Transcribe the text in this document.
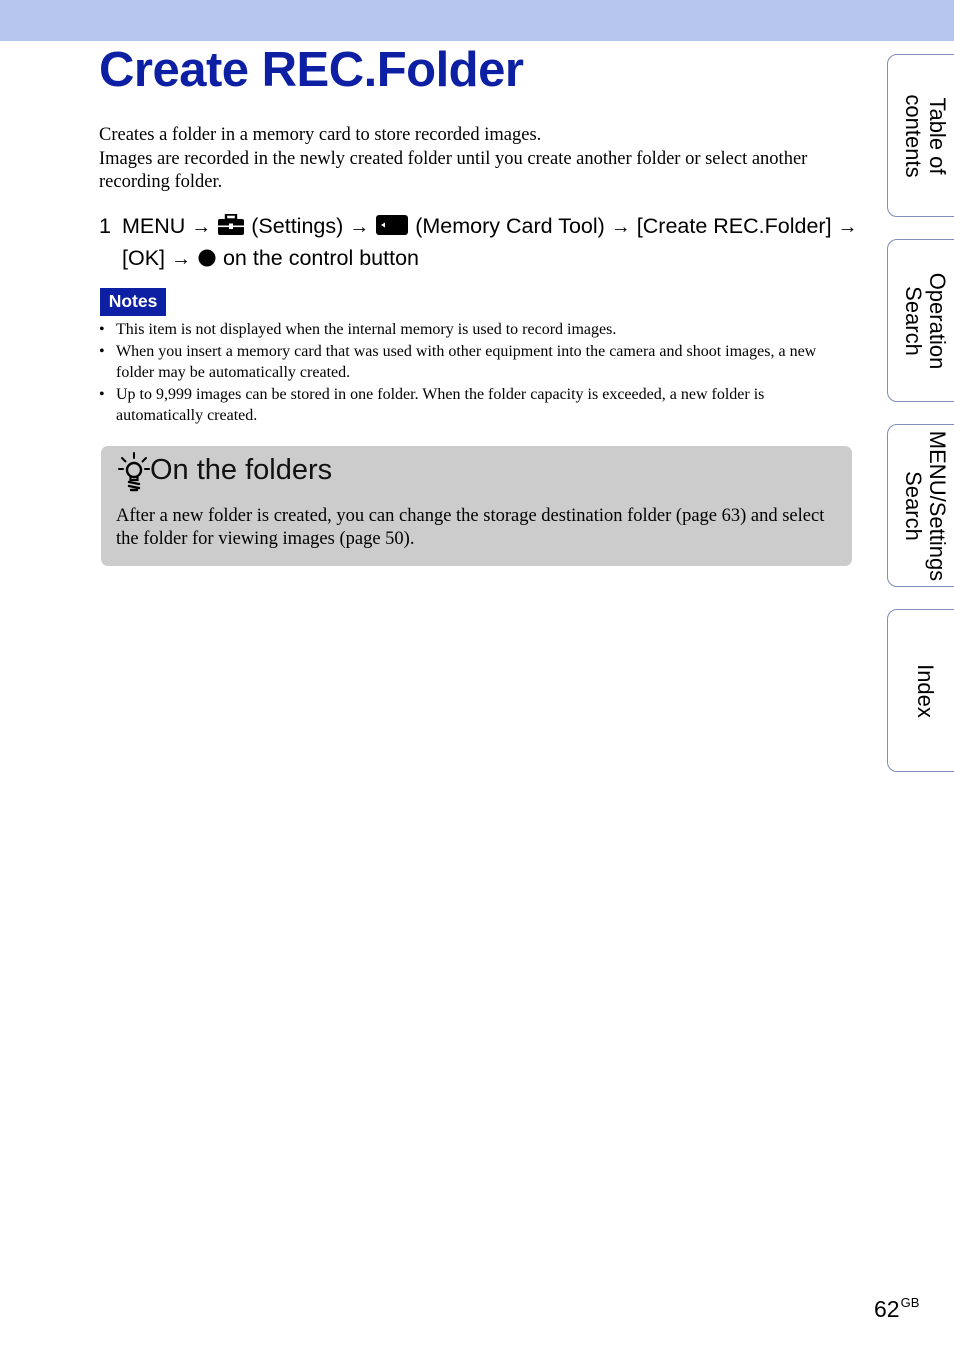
Create REC.Folder

Creates a folder in a memory card to store recorded images.

Images are recorded in the newly created folder until you create another folder or select another recording folder.

1 MENU → (Settings) → (Memory Card Tool) → [Create REC.Folder] → [OK] → on the control button
Notes
• This item is not displayed when the internal memory is used to record images.
• When you insert a memory card that was used with other equipment into the camera and shoot images, a new folder may be automatically created.
• Up to 9,999 images can be stored in one folder. When the folder capacity is exceeded, a new folder is automatically created.
On the folders
After a new folder is created, you can change the storage destination folder (page 63) and select the folder for viewing images (page 50).
Table of
contents
Operation
Search
MENU/Settings
Search
Index
$62^{GB}$
